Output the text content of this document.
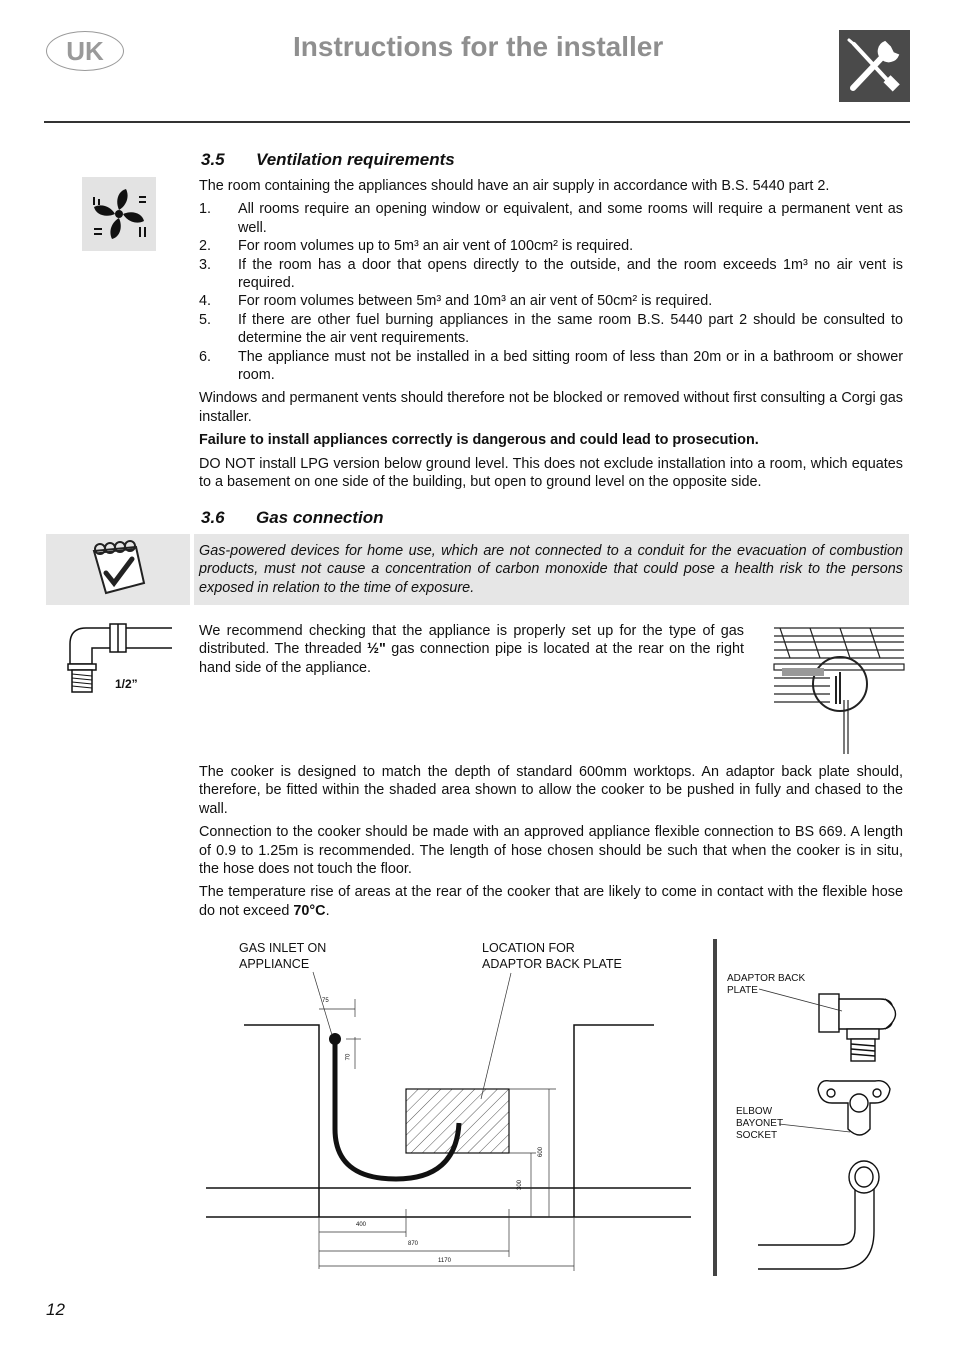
UK	Instructions for the installer
3.5 Ventilation requirements

The room containing the appliances should have an air supply in accordance with B.S. 5440 part 2.

1. All rooms require an opening window or equivalent, and some rooms will require a permanent vent as well.
2. For room volumes up to 5m³ an air vent of 100cm² is required.
3. If the room has a door that opens directly to the outside, and the room exceeds 1m³ no air vent is required.
4. For room volumes between 5m³ and 10m³ an air vent of 50cm² is required.
5. If there are other fuel burning appliances in the same room B.S. 5440 part 2 should be consulted to determine the air vent requirements.
6. The appliance must not be installed in a bed sitting room of less than 20m or in a bathroom or shower room.

Windows and permanent vents should therefore not be blocked or removed without first consulting a Corgi gas installer.

Failure to install appliances correctly is dangerous and could lead to prosecution.

DO NOT install LPG version below ground level. This does not exclude installation into a room, which equates to a basement on one side of the building, but open to ground level on the opposite side.

3.6 Gas connection
Gas-powered devices for home use, which are not connected to a conduit for the evacuation of combustion products, must not cause a concentration of carbon monoxide that could pose a health risk to the persons exposed in relation to the time of exposure.
1/2”
We recommend checking that the appliance is properly set up for the type of gas distributed. The threaded ½" gas connection pipe is located at the rear on the right hand side of the appliance.

The cooker is designed to match the depth of standard 600mm worktops. An adaptor back plate should, therefore, be fitted within the shaded area shown to allow the cooker to be pushed in fully and chased to the wall.

Connection to the cooker should be made with an approved appliance flexible connection to BS 669. A length of 0.9 to 1.25m is recommended. The length of hose chosen should be such that when the cooker is in situ, the hose does not touch the floor.

The temperature rise of areas at the rear of the cooker that are likely to come in contact with the flexible hose do not exceed 70°C.

GAS INLET ON
APPLIANCE
LOCATION FOR
ADAPTOR BACK PLATE
75
70
600
300
400
870
1170
ADAPTOR BACK
PLATE
ELBOW
BAYONET
SOCKET
12
